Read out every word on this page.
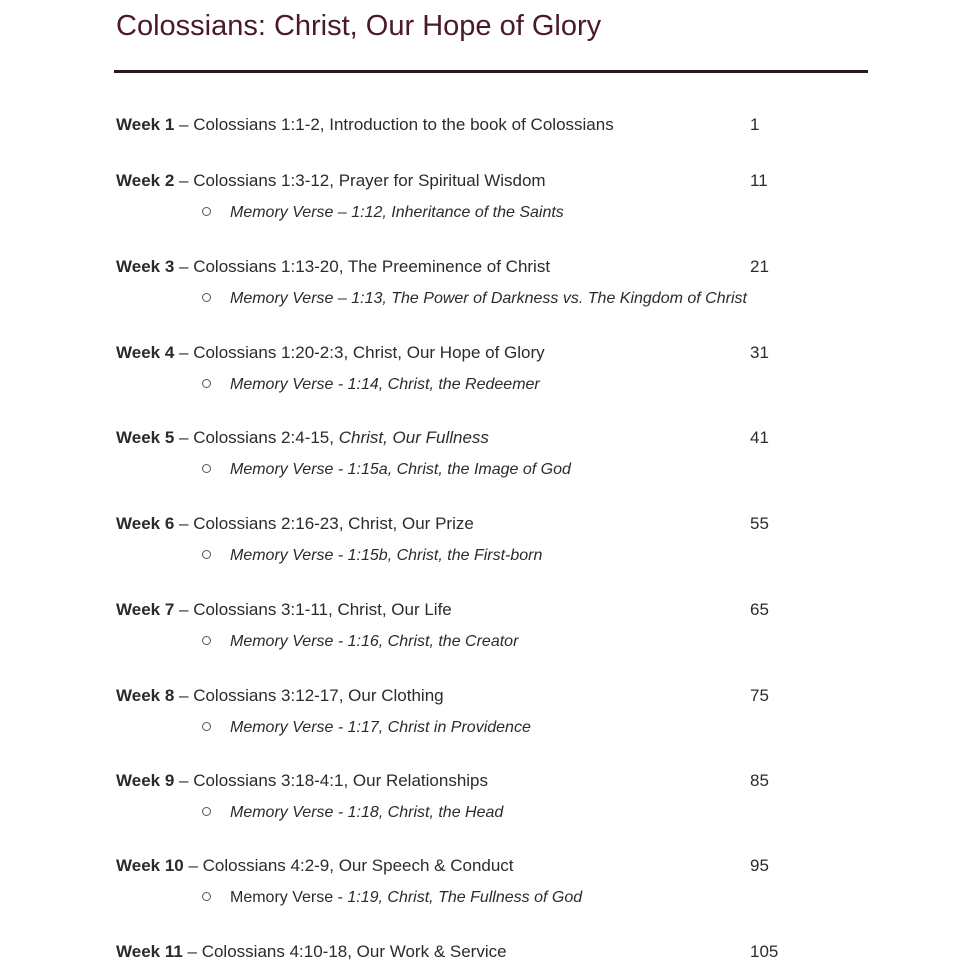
Colossians: Christ, Our Hope of Glory
Week 1 – Colossians 1:1-2, Introduction to the book of Colossians	1
Week 2 – Colossians 1:3-12, Prayer for Spiritual Wisdom	11
Memory Verse – 1:12, Inheritance of the Saints
Week 3 – Colossians 1:13-20, The Preeminence of Christ	21
Memory Verse – 1:13, The Power of Darkness vs. The Kingdom of Christ
Week 4 – Colossians 1:20-2:3, Christ, Our Hope of Glory	31
Memory Verse - 1:14, Christ, the Redeemer
Week 5 – Colossians 2:4-15, Christ, Our Fullness	41
Memory Verse - 1:15a, Christ, the Image of God
Week 6 – Colossians 2:16-23, Christ, Our Prize	55
Memory Verse - 1:15b, Christ, the First-born
Week 7 – Colossians 3:1-11, Christ, Our Life	65
Memory Verse - 1:16, Christ, the Creator
Week 8 – Colossians 3:12-17, Our Clothing	75
Memory Verse - 1:17, Christ in Providence
Week 9 – Colossians 3:18-4:1, Our Relationships	85
Memory Verse - 1:18, Christ, the Head
Week 10 – Colossians 4:2-9, Our Speech & Conduct	95
Memory Verse - 1:19, Christ, The Fullness of God
Week 11 – Colossians 4:10-18, Our Work & Service	105
